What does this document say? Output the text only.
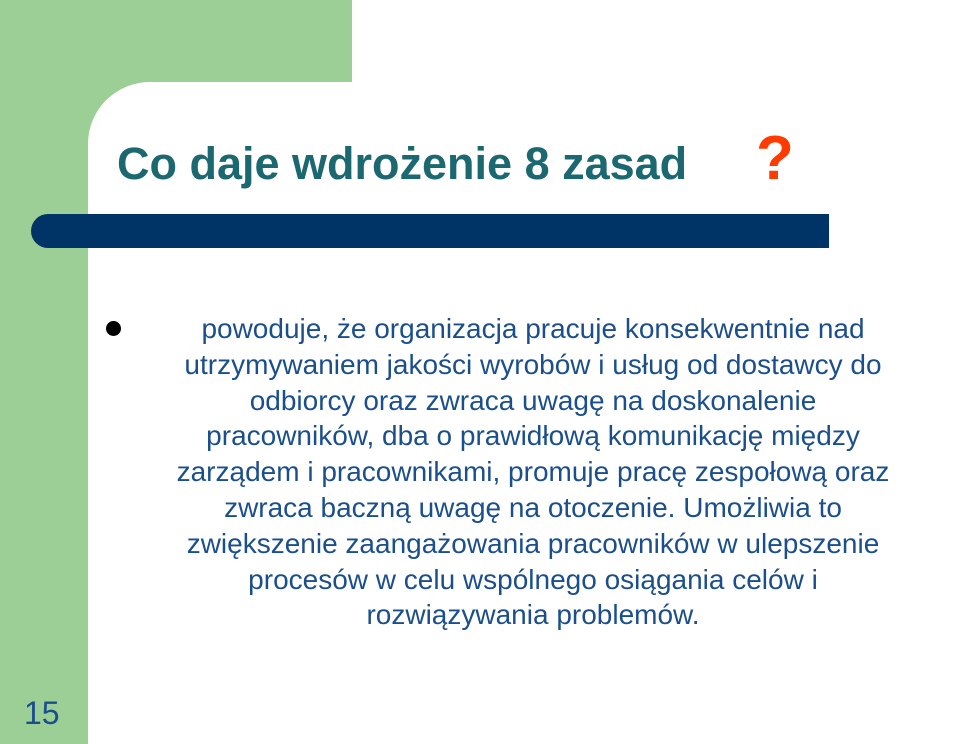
Co daje wdrożenie 8 zasad ?

powoduje, że organizacja pracuje konsekwentnie nad
utrzymywaniem jakości wyrobów i usług od dostawcy do
odbiorcy oraz zwraca uwagę na doskonalenie
pracowników, dba o prawidłową komunikację między
zarządem i pracownikami, promuje pracę zespołową oraz
zwraca baczną uwagę na otoczenie. Umożliwia to
zwiększenie zaangażowania pracowników w ulepszenie
procesów w celu wspólnego osiągania celów i
rozwiązywania problemów.

15
